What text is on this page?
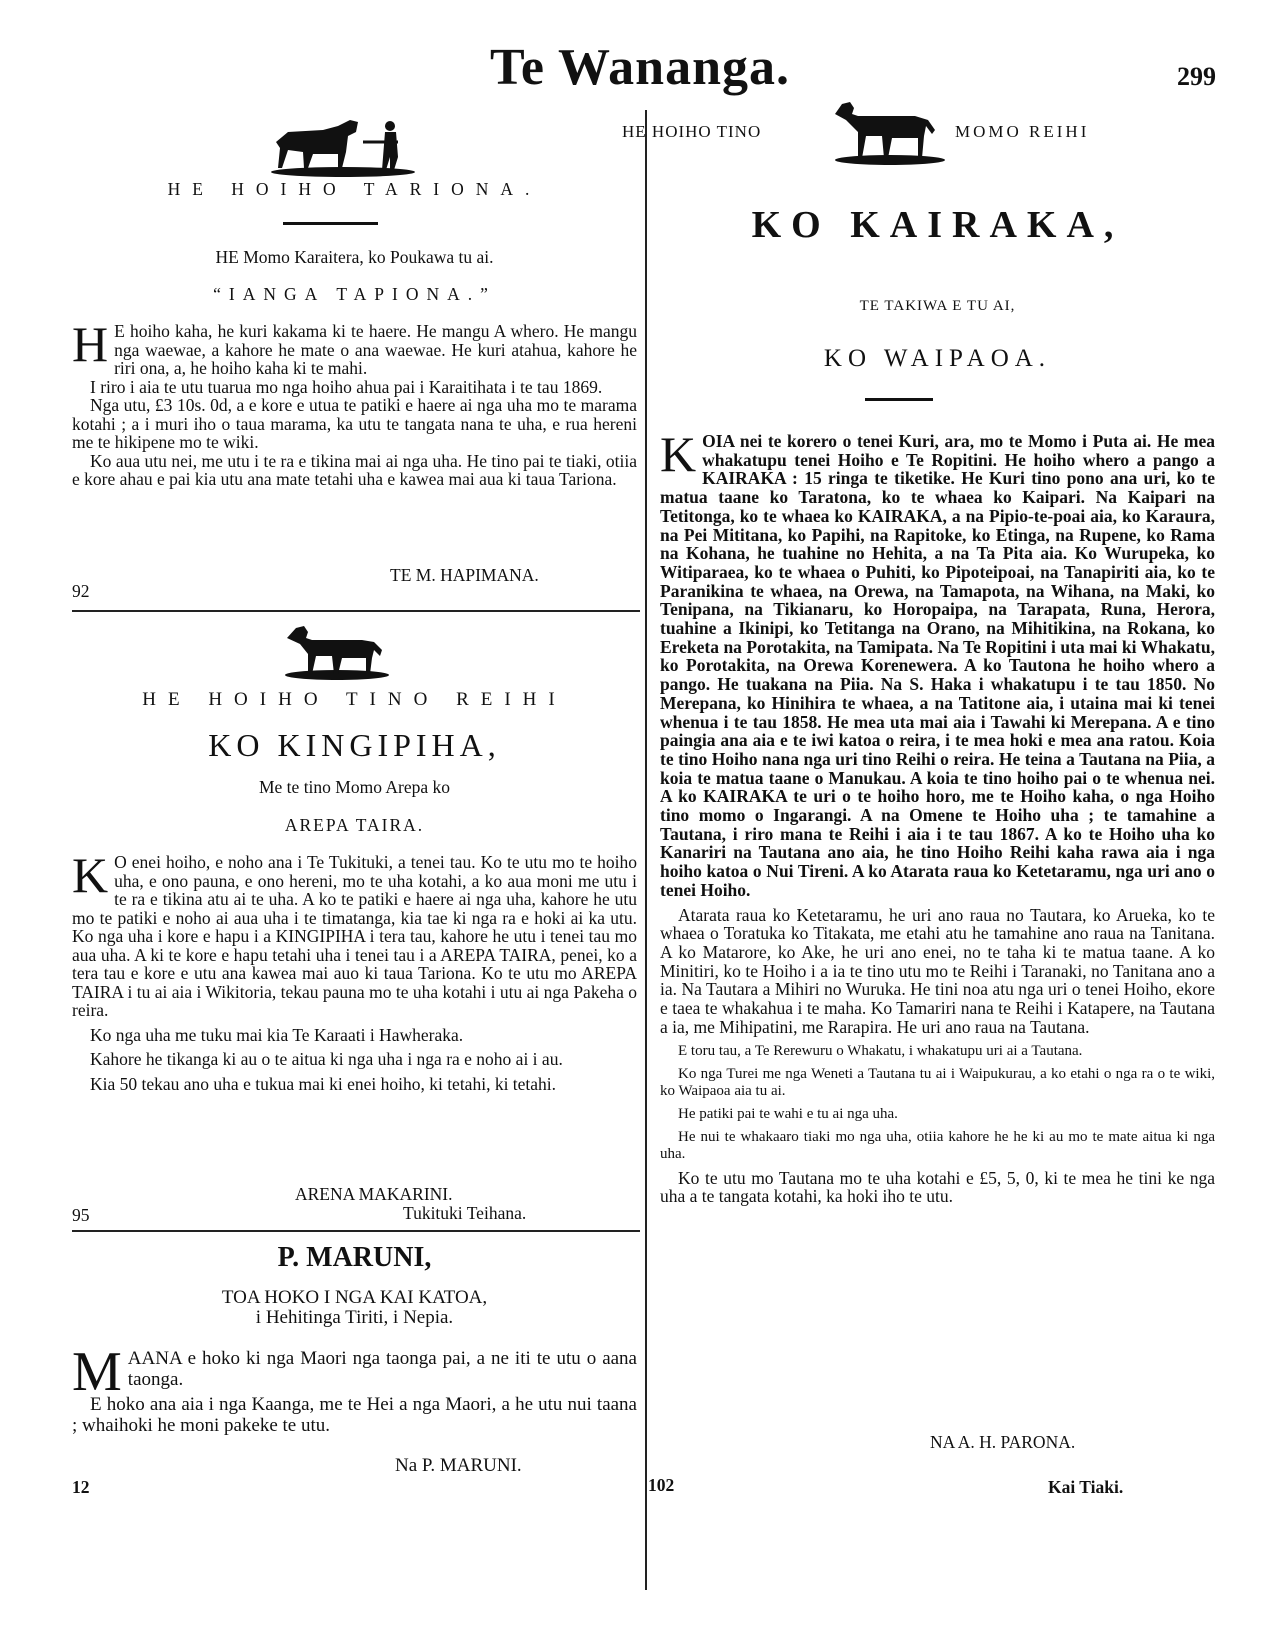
Te Wananga.	299
HE HOIHO TARIONA.
HE Momo Karaitera, ko Poukawa tu ai.
“IANGA TAPIONA.”

H E hoiho kaha, he kuri kakama ki te haere. He mangu A whero. He mangu nga waewae, a kahore he mate o ana waewae. He kuri atahua, kahore he riri ona, a, he hoiho kaha ki te mahi.

I riro i aia te utu tuarua mo nga hoiho ahua pai i Karaitihata i te tau 1869.

Nga utu, £3 10s. 0d, a e kore e utua te patiki e haere ai nga uha mo te marama kotahi ; a i muri iho o taua marama, ka utu te tangata nana te uha, e rua hereni me te hikipene mo te wiki.

Ko aua utu nei, me utu i te ra e tikina mai ai nga uha. He tino pai te tiaki, otiia e kore ahau e pai kia utu ana mate tetahi uha e kawea mai aua ki taua Tariona.

TE M. HAPIMANA.
92
HE HOIHO TINO REIHI
KO KINGIPIHA,
Me te tino Momo Arepa ko
AREPA TAIRA.

K O enei hoiho, e noho ana i Te Tukituki, a tenei tau. Ko te utu mo te hoiho uha, e ono pauna, e ono hereni, mo te uha kotahi, a ko aua moni me utu i te ra e tikina atu ai te uha. A ko te patiki e haere ai nga uha, kahore he utu mo te patiki e noho ai aua uha i te timatanga, kia tae ki nga ra e hoki ai ka utu. Ko nga uha i kore e hapu i a KINGIPIHA i tera tau, kahore he utu i tenei tau mo aua uha. A ki te kore e hapu tetahi uha i tenei tau i a AREPA TAIRA, penei, ko a tera tau e kore e utu ana kawea mai auo ki taua Tariona. Ko te utu mo AREPA TAIRA i tu ai aia i Wikitoria, tekau pauna mo te uha kotahi i utu ai nga Pakeha o reira.

Ko nga uha me tuku mai kia Te Karaati i Hawheraka.

Kahore he tikanga ki au o te aitua ki nga uha i nga ra e noho ai i au.

Kia 50 tekau ano uha e tukua mai ki enei hoiho, ki tetahi, ki tetahi.

ARENA MAKARINI.
Tukituki Teihana.
95
P. MARUNI,
TOA HOKO I NGA KAI KATOA,
i Hehitinga Tiriti, i Nepia.

MAANA e hoko ki nga Maori nga taonga pai, a ne iti te utu o aana taonga.

E hoko ana aia i nga Kaanga, me te Hei a nga Maori, a he utu nui taana ; whaihoki he moni pakeke te utu.

Na P. MARUNI.
12
HE HOIHO TINO	MOMO REIHI
KO KAIRAKA,
TE TAKIWA E TU AI,
KO WAIPAOA.

KOIA nei te korero o tenei Kuri, ara, mo te Momo i Puta ai. He mea whakatupu tenei Hoiho e Te Ropitini. He hoiho whero a pango a KAIRAKA : 15 ringa te tiketike. He Kuri tino pono ana uri, ko te matua taane ko Taratona, ko te whaea ko Kaipari. Na Kaipari na Tetitonga, ko te whaea ko KAIRAKA, a na Pipio-te-poai aia, ko Karaura, na Pei Mititana, ko Papihi, na Rapitoke, ko Etinga, na Rupene, ko Rama na Kohana, he tuahine no Hehita, a na Ta Pita aia. Ko Wurupeka, ko Witiparaea, ko te whaea o Puhiti, ko Pipoteipoai, na Tanapiriti aia, ko te Paranikina te whaea, na Orewa, na Tamapota, na Wihana, na Maki, ko Tenipana, na Tikianaru, ko Horopaipa, na Tarapata, Runa, Herora, tuahine a Ikinipi, ko Tetitanga na Orano, na Mihitikina, na Rokana, ko Ereketa na Porotakita, na Tamipata. Na Te Ropitini i uta mai ki Whakatu, ko Porotakita, na Orewa Korenewera. A ko Tautona he hoiho whero a pango. He tuakana na Piia. Na S. Haka i whakatupu i te tau 1850. No Merepana, ko Hinihira te whaea, a na Tatitone aia, i utaina mai ki tenei whenua i te tau 1858. He mea uta mai aia i Tawahi ki Merepana. A e tino paingia ana aia e te iwi katoa o reira, i te mea hoki e mea ana ratou. Koia te tino Hoiho nana nga uri tino Reihi o reira. He teina a Tautana na Piia, a koia te matua taane o Manukau. A koia te tino hoiho pai o te whenua nei. A ko KAIRAKA te uri o te hoiho horo, me te Hoiho kaha, o nga Hoiho tino momo o Ingarangi. A na Omene te Hoiho uha ; te tamahine a Tautana, i riro mana te Reihi i aia i te tau 1867. A ko te Hoiho uha ko Kanariri na Tautana ano aia, he tino Hoiho Reihi kaha rawa aia i nga hoiho katoa o Nui Tireni. A ko Atarata raua ko Ketetaramu, nga uri ano o tenei Hoiho.

Atarata raua ko Ketetaramu, he uri ano raua no Tautara, ko Arueka, ko te whaea o Toratuka ko Titakata, me etahi atu he tamahine ano raua na Tanitana. A ko Matarore, ko Ake, he uri ano enei, no te taha ki te matua taane. A ko Minitiri, ko te Hoiho i a ia te tino utu mo te Reihi i Taranaki, no Tanitana ano a ia. Na Tautara a Mihiri no Wuruka. He tini noa atu nga uri o tenei Hoiho, ekore e taea te whakahua i te maha. Ko Tamariri nana te Reihi i Katapere, na Tautana a ia, me Mihipatini, me Rarapira. He uri ano raua na Tautana.

E toru tau, a Te Rerewuru o Whakatu, i whakatupu uri ai a Tautana.

Ko nga Turei me nga Weneti a Tautana tu ai i Waipukurau, a ko etahi o nga ra o te wiki, ko Waipaoa aia tu ai.

He patiki pai te wahi e tu ai nga uha.

He nui te whakaaro tiaki mo nga uha, otiia kahore he he ki au mo te mate aitua ki nga uha.

Ko te utu mo Tautana mo te uha kotahi e £5, 5, 0, ki te mea he tini ke nga uha a te tangata kotahi, ka hoki iho te utu.

NA A. H. PARONA.
102	Kai Tiaki.
